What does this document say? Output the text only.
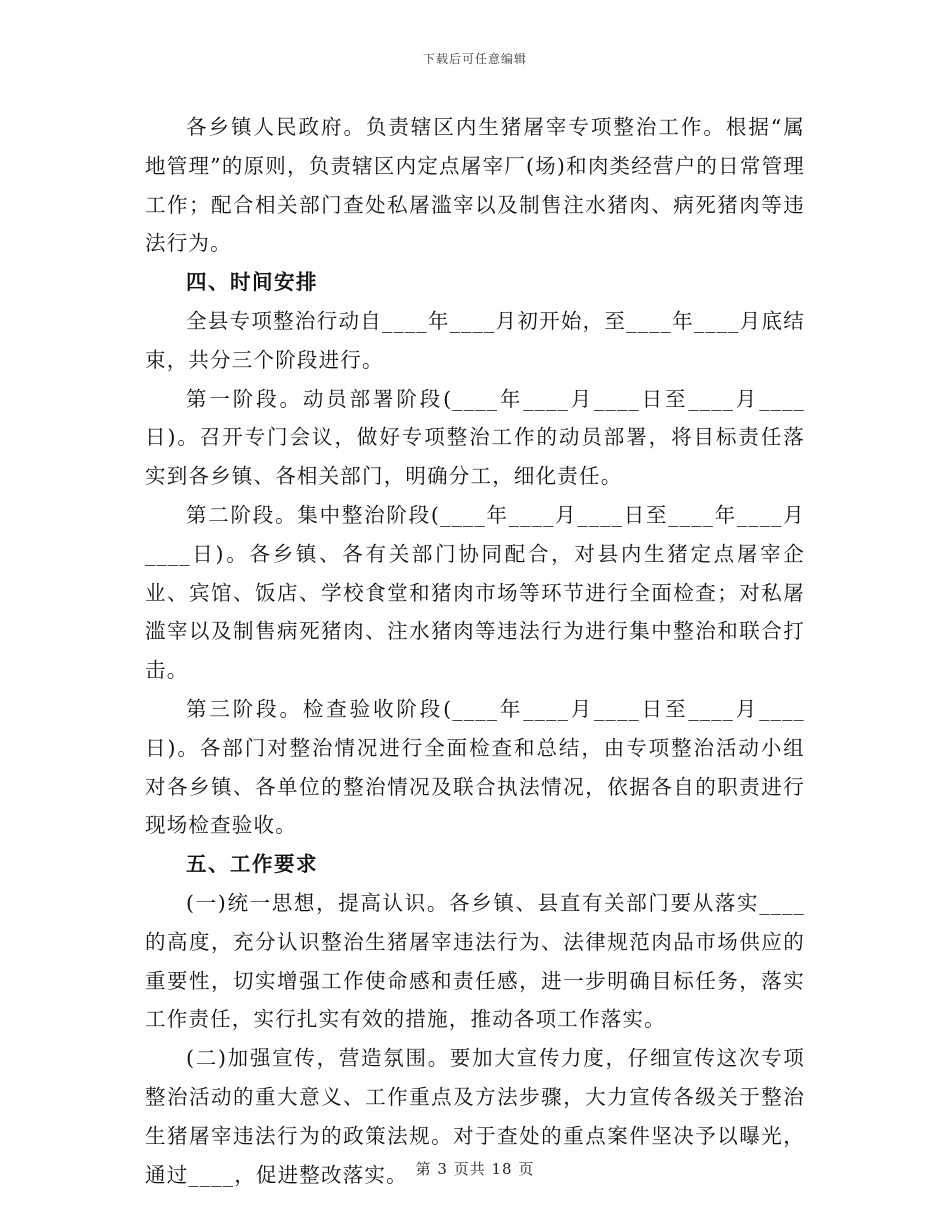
下载后可任意编辑

各乡镇人民政府。负责辖区内生猪屠宰专项整治工作。根据“属地管理”的原则，负责辖区内定点屠宰厂(场)和肉类经营户的日常管理工作；配合相关部门查处私屠滥宰以及制售注水猪肉、病死猪肉等违法行为。

四、时间安排

全县专项整治行动自____年____月初开始，至____年____月底结束，共分三个阶段进行。

第一阶段。动员部署阶段(____年____月____日至____月____日)。召开专门会议，做好专项整治工作的动员部署，将目标责任落实到各乡镇、各相关部门，明确分工，细化责任。

第二阶段。集中整治阶段(____年____月____日至____年____月____日)。各乡镇、各有关部门协同配合，对县内生猪定点屠宰企业、宾馆、饭店、学校食堂和猪肉市场等环节进行全面检查；对私屠滥宰以及制售病死猪肉、注水猪肉等违法行为进行集中整治和联合打击。

第三阶段。检查验收阶段(____年____月____日至____月____日)。各部门对整治情况进行全面检查和总结，由专项整治活动小组对各乡镇、各单位的整治情况及联合执法情况，依据各自的职责进行现场检查验收。

五、工作要求

(一)统一思想，提高认识。各乡镇、县直有关部门要从落实____的高度，充分认识整治生猪屠宰违法行为、法律规范肉品市场供应的重要性，切实增强工作使命感和责任感，进一步明确目标任务，落实工作责任，实行扎实有效的措施，推动各项工作落实。

(二)加强宣传，营造氛围。要加大宣传力度，仔细宣传这次专项整治活动的重大意义、工作重点及方法步骤，大力宣传各级关于整治生猪屠宰违法行为的政策法规。对于查处的重点案件坚决予以曝光，通过____，促进整改落实。 第 3 页共 18 页
